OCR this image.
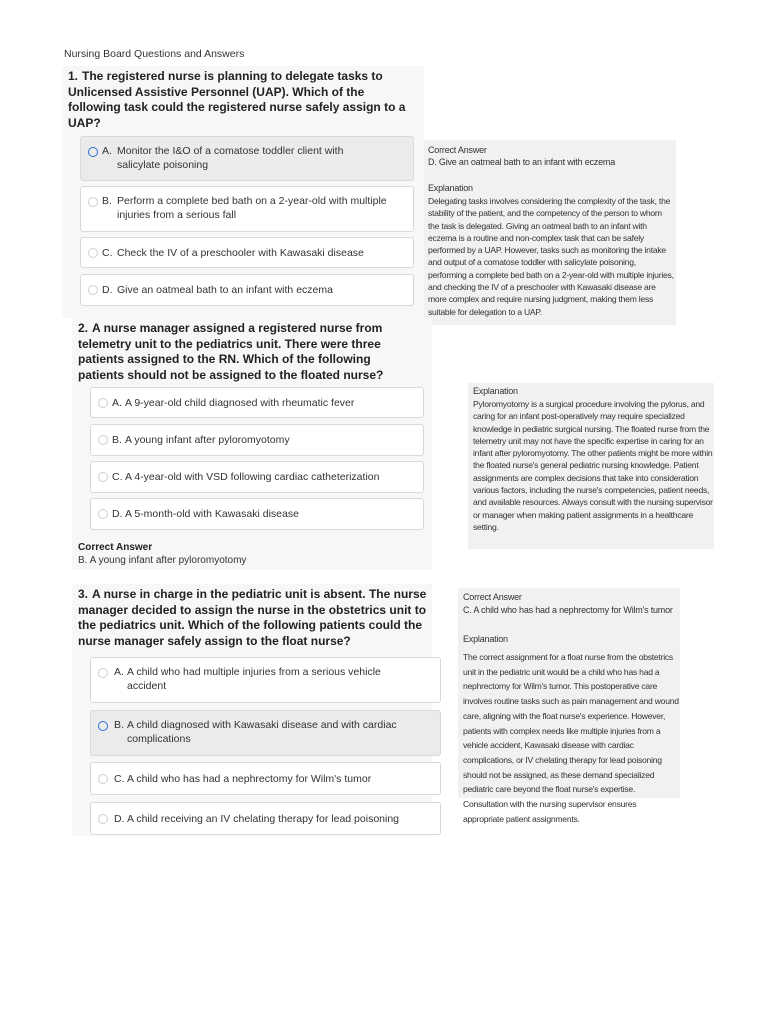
Nursing Board Questions and Answers
1. The registered nurse is planning to delegate tasks to Unlicensed Assistive Personnel (UAP). Which of the following task could the registered nurse safely assign to a UAP?
A. Monitor the I&O of a comatose toddler client with salicylate poisoning
B. Perform a complete bed bath on a 2-year-old with multiple injuries from a serious fall
C. Check the IV of a preschooler with Kawasaki disease
D. Give an oatmeal bath to an infant with eczema
Correct Answer
D. Give an oatmeal bath to an infant with eczema
Explanation
Delegating tasks involves considering the complexity of the task, the stability of the patient, and the competency of the person to whom the task is delegated. Giving an oatmeal bath to an infant with eczema is a routine and non-complex task that can be safely performed by a UAP. However, tasks such as monitoring the intake and output of a comatose toddler with salicylate poisoning, performing a complete bed bath on a 2-year-old with multiple injuries, and checking the IV of a preschooler with Kawasaki disease are more complex and require nursing judgment, making them less suitable for delegation to a UAP.
2. A nurse manager assigned a registered nurse from telemetry unit to the pediatrics unit. There were three patients assigned to the RN. Which of the following patients should not be assigned to the floated nurse?
A. A 9-year-old child diagnosed with rheumatic fever
B. A young infant after pyloromyotomy
C. A 4-year-old with VSD following cardiac catheterization
D. A 5-month-old with Kawasaki disease
Correct Answer
B. A young infant after pyloromyotomy
Explanation
Pyloromyotomy is a surgical procedure involving the pylorus, and caring for an infant post-operatively may require specialized knowledge in pediatric surgical nursing. The floated nurse from the telemetry unit may not have the specific expertise in caring for an infant after pyloromyotomy. The other patients might be more within the floated nurse's general pediatric nursing knowledge. Patient assignments are complex decisions that take into consideration various factors, including the nurse's competencies, patient needs, and available resources. Always consult with the nursing supervisor or manager when making patient assignments in a healthcare setting.
3. A nurse in charge in the pediatric unit is absent. The nurse manager decided to assign the nurse in the obstetrics unit to the pediatrics unit. Which of the following patients could the nurse manager safely assign to the float nurse?
A. A child who had multiple injuries from a serious vehicle accident
B. A child diagnosed with Kawasaki disease and with cardiac complications
C. A child who has had a nephrectomy for Wilm's tumor
D. A child receiving an IV chelating therapy for lead poisoning
Correct Answer
C. A child who has had a nephrectomy for Wilm's tumor
Explanation
The correct assignment for a float nurse from the obstetrics unit in the pediatric unit would be a child who has had a nephrectomy for Wilm's tumor. This postoperative care involves routine tasks such as pain management and wound care, aligning with the float nurse's experience. However, patients with complex needs like multiple injuries from a vehicle accident, Kawasaki disease with cardiac complications, or IV chelating therapy for lead poisoning should not be assigned, as these demand specialized pediatric care beyond the float nurse's expertise. Consultation with the nursing supervisor ensures appropriate patient assignments.
